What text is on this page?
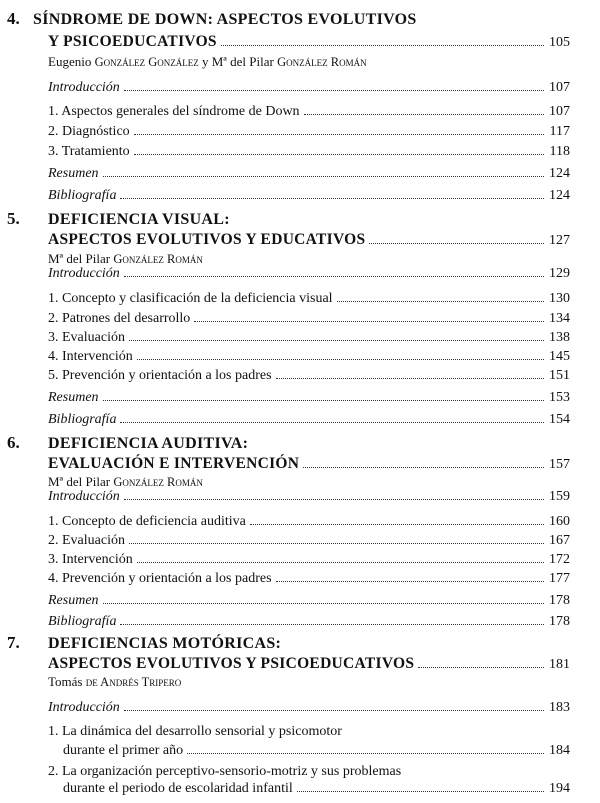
4. SÍNDROME DE DOWN: ASPECTOS EVOLUTIVOS
Y PSICOEDUCATIVOS	105
Eugenio González González y Mª del Pilar González Román
Introducción	107
1. Aspectos generales del síndrome de Down	107
2. Diagnóstico	117
3. Tratamiento	118
Resumen	124
Bibliografía	124
5. DEFICIENCIA VISUAL:
ASPECTOS EVOLUTIVOS Y EDUCATIVOS	127
Mª del Pilar González Román
Introducción	129
1. Concepto y clasificación de la deficiencia visual	130
2. Patrones del desarrollo	134
3. Evaluación	138
4. Intervención	145
5. Prevención y orientación a los padres	151
Resumen	153
Bibliografía	154
6. DEFICIENCIA AUDITIVA:
EVALUACIÓN E INTERVENCIÓN	157
Mª del Pilar González Román
Introducción	159
1. Concepto de deficiencia auditiva	160
2. Evaluación	167
3. Intervención	172
4. Prevención y orientación a los padres	177
Resumen	178
Bibliografía	178
7. DEFICIENCIAS MOTÓRICAS:
ASPECTOS EVOLUTIVOS Y PSICOEDUCATIVOS	181
Tomás de Andrés Tripero
Introducción	183
1. La dinámica del desarrollo sensorial y psicomotor
durante el primer año	184
2. La organización perceptivo-sensorio-motriz y sus problemas
durante el periodo de escolaridad infantil	194
